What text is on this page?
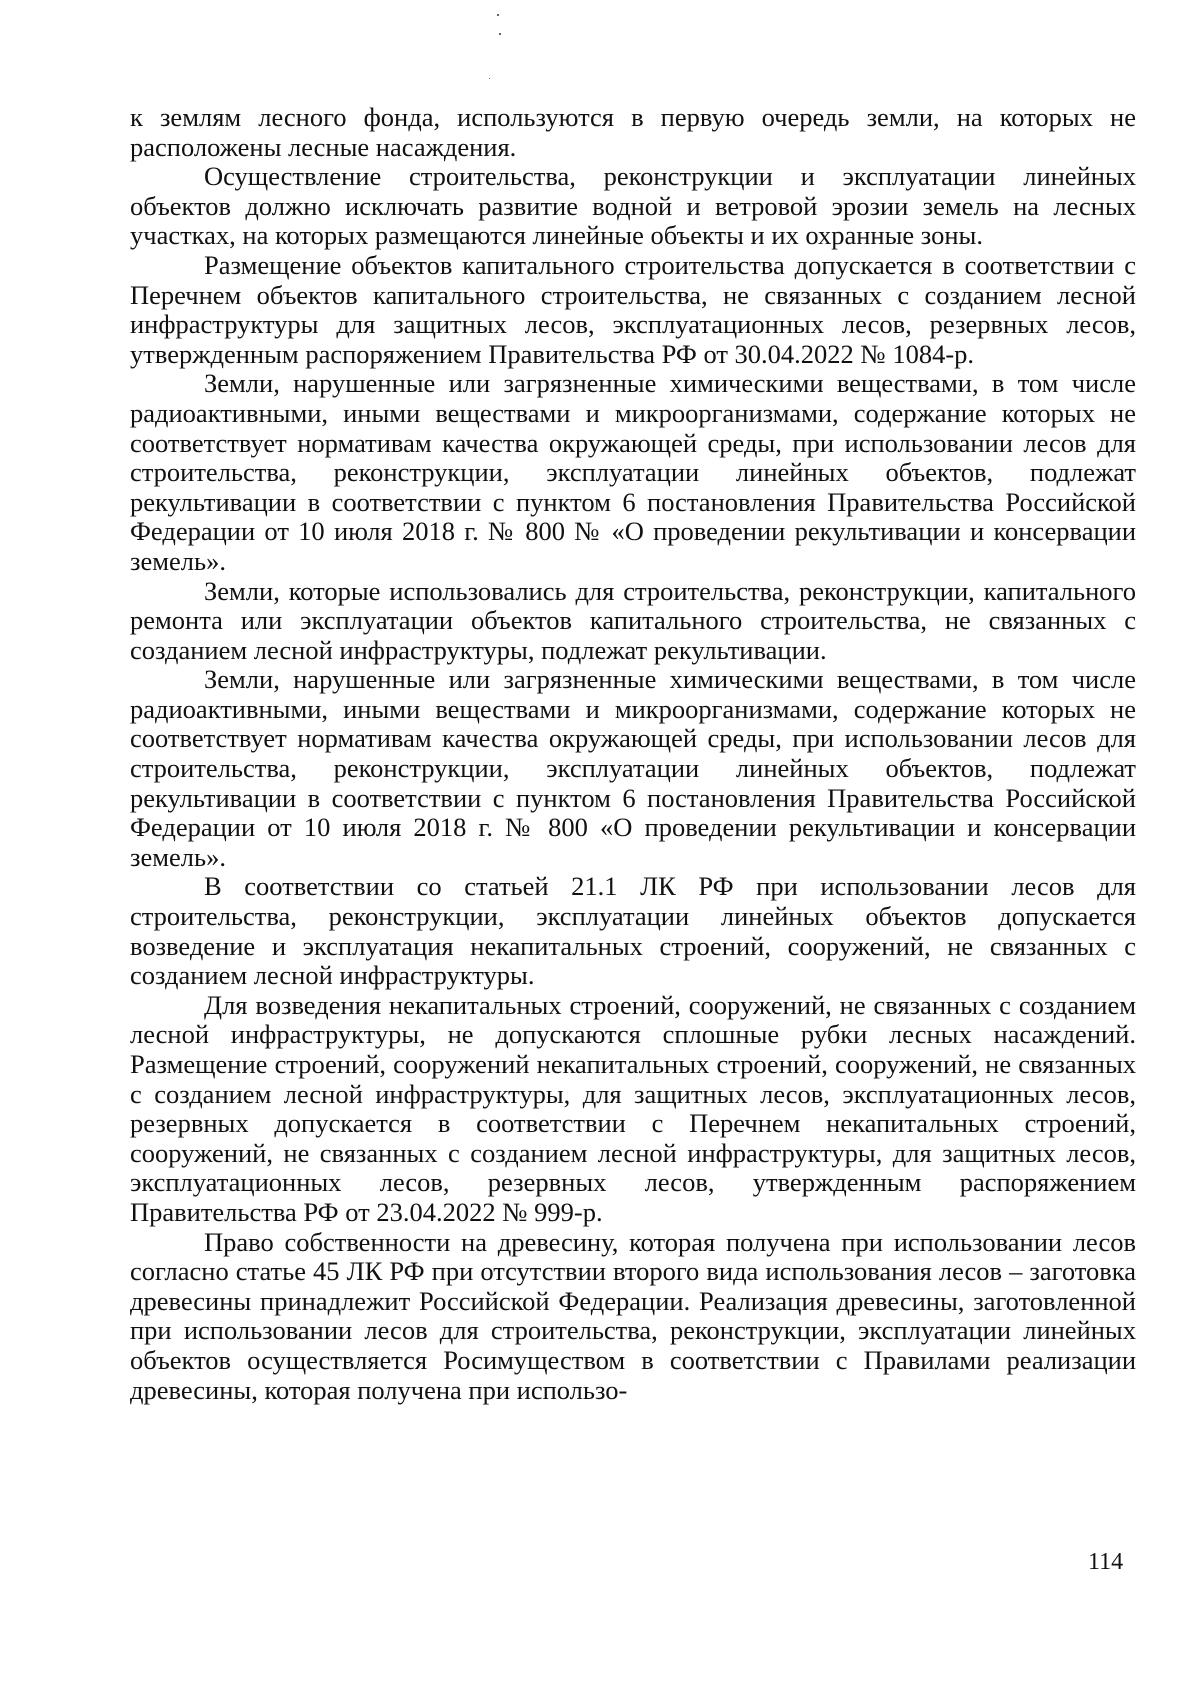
к землям лесного фонда, используются в первую очередь земли, на которых не расположены лесные насаждения.

Осуществление строительства, реконструкции и эксплуатации линейных объектов должно исключать развитие водной и ветровой эрозии земель на лесных участках, на которых размещаются линейные объекты и их охранные зоны.

Размещение объектов капитального строительства допускается в соответствии с Перечнем объектов капитального строительства, не связанных с созданием лесной инфраструктуры для защитных лесов, эксплуатационных лесов, резервных лесов, утвержденным распоряжением Правительства РФ от 30.04.2022 № 1084-р.

Земли, нарушенные или загрязненные химическими веществами, в том числе радиоактивными, иными веществами и микроорганизмами, содержание которых не соответствует нормативам качества окружающей среды, при использовании лесов для строительства, реконструкции, эксплуатации линейных объектов, подлежат рекультивации в соответствии с пунктом 6 постановления Правительства Российской Федерации от 10 июля 2018 г. № 800 № «О проведении рекультивации и консервации земель».

Земли, которые использовались для строительства, реконструкции, капитального ремонта или эксплуатации объектов капитального строительства, не связанных с созданием лесной инфраструктуры, подлежат рекультивации.

Земли, нарушенные или загрязненные химическими веществами, в том числе радиоактивными, иными веществами и микроорганизмами, содержание которых не соответствует нормативам качества окружающей среды, при использовании лесов для строительства, реконструкции, эксплуатации линейных объектов, подлежат рекультивации в соответствии с пунктом 6 постановления Правительства Российской Федерации от 10 июля 2018 г. № 800 «О проведении рекультивации и консервации земель».

В соответствии со статьей 21.1 ЛК РФ при использовании лесов для строительства, реконструкции, эксплуатации линейных объектов допускается возведение и эксплуатация некапитальных строений, сооружений, не связанных с созданием лесной инфраструктуры.

Для возведения некапитальных строений, сооружений, не связанных с созданием лесной инфраструктуры, не допускаются сплошные рубки лесных насаждений. Размещение строений, сооружений некапитальных строений, сооружений, не связанных с созданием лесной инфраструктуры, для защитных лесов, эксплуатационных лесов, резервных допускается в соответствии с Перечнем некапитальных строений, сооружений, не связанных с созданием лесной инфраструктуры, для защитных лесов, эксплуатационных лесов, резервных лесов, утвержденным распоряжением Правительства РФ от 23.04.2022 № 999-р.

Право собственности на древесину, которая получена при использовании лесов согласно статье 45 ЛК РФ при отсутствии второго вида использования лесов – заготовка древесины принадлежит Российской Федерации. Реализация древесины, заготовленной при использовании лесов для строительства, реконструкции, эксплуатации линейных объектов осуществляется Росимуществом в соответствии с Правилами реализации древесины, которая получена при использо-

114
